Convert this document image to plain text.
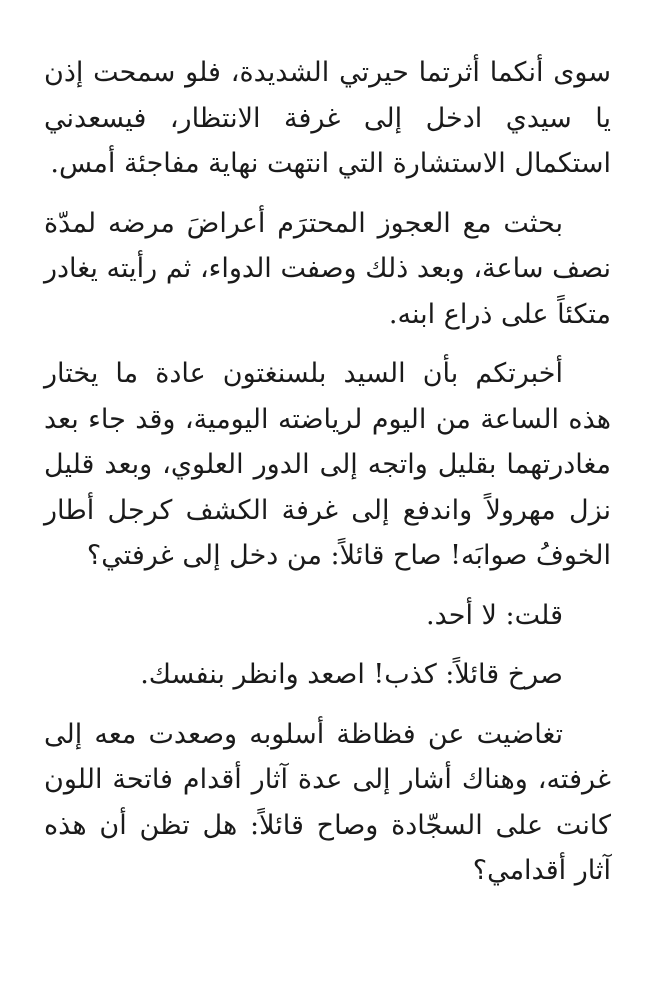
سوى أنكما أثرتما حيرتي الشديدة، فلو سمحت إذن يا سيدي ادخل إلى غرفة الانتظار، فيسعدني استكمال الاستشارة التي انتهت نهاية مفاجئة أمس.

بحثت مع العجوز المحترَم أعراضَ مرضه لمدّة نصف ساعة، وبعد ذلك وصفت الدواء، ثم رأيته يغادر متكئاً على ذراع ابنه.

أخبرتكم بأن السيد بلسنغتون عادة ما يختار هذه الساعة من اليوم لرياضته اليومية، وقد جاء بعد مغادرتهما بقليل واتجه إلى الدور العلوي، وبعد قليل نزل مهرولاً واندفع إلى غرفة الكشف كرجل أطار الخوفُ صوابَه! صاح قائلاً: من دخل إلى غرفتي؟

قلت: لا أحد.

صرخ قائلاً: كذب! اصعد وانظر بنفسك.

تغاضيت عن فظاظة أسلوبه وصعدت معه إلى غرفته، وهناك أشار إلى عدة آثار أقدام فاتحة اللون كانت على السجّادة وصاح قائلاً: هل تظن أن هذه آثار أقدامي؟
